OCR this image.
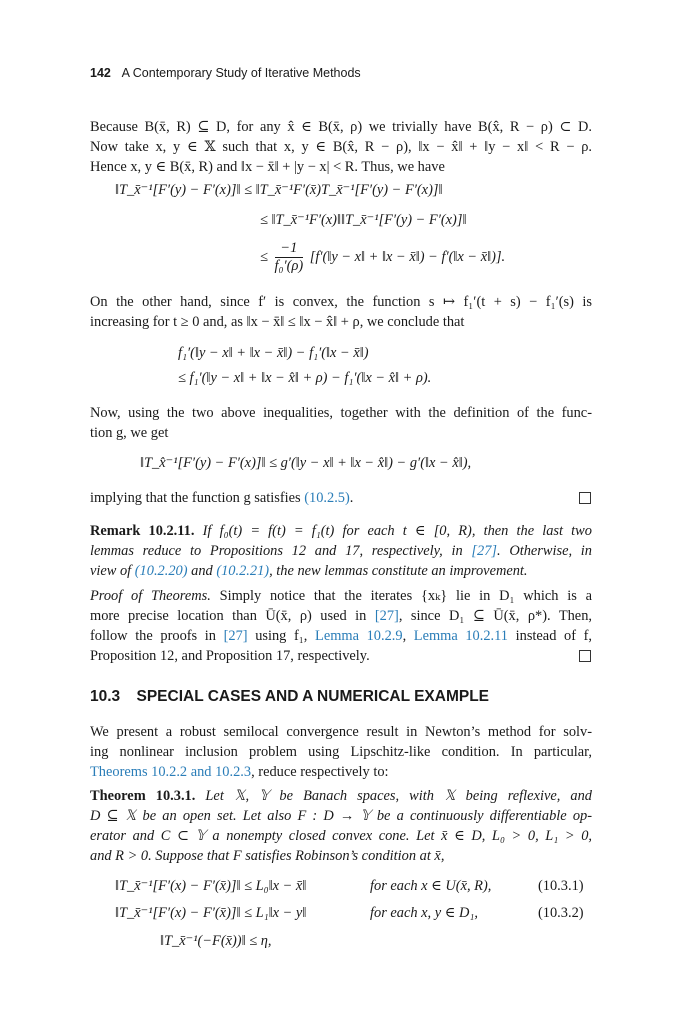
142 A Contemporary Study of Iterative Methods
Because B(x̄, R) ⊆ D, for any x̂ ∈ B(x̄, ρ) we trivially have B(x̂, R − ρ) ⊂ D.
Now take x, y ∈ 𝕏 such that x, y ∈ B(x̂, R − ρ), ‖x − x̂‖ + ‖y − x‖ < R − ρ.
Hence x, y ∈ B(x̄, R) and ‖x − x̄‖ + |y − x| < R. Thus, we have
‖T_x̄⁻¹[F′(y) − F′(x)]‖ ≤ ‖T_x̄⁻¹F′(x̄)T_x̄⁻¹[F′(y) − F′(x)]‖
≤ ‖T_x̄⁻¹F′(x)‖‖T_x̄⁻¹[F′(y) − F′(x)]‖
≤ $\frac{-1}{\text{f₀′(ρ)}}$ [f′(‖y − x‖ + ‖x − x̄‖) − f′(‖x − x̄‖)].
On the other hand, since f′ is convex, the function s ↦ f₁′(t + s) − f₁′(s) is
increasing for t ≥ 0 and, as ‖x − x̄‖ ≤ ‖x − x̂‖ + ρ, we conclude that
f₁′(‖y − x‖ + ‖x − x̄‖) − f₁′(‖x − x̄‖)
≤ f₁′(‖y − x‖ + ‖x − x̂‖ + ρ) − f₁′(‖x − x̂‖ + ρ).
Now, using the two above inequalities, together with the definition of the func-
tion g, we get
‖T_x̂⁻¹[F′(y) − F′(x)]‖ ≤ g′(‖y − x‖ + ‖x − x̂‖) − g′(‖x − x̂‖),
implying that the function g satisfies (10.2.5).
Remark 10.2.11. If f₀(t) = f(t) = f₁(t) for each t ∈ [0, R), then the last two
lemmas reduce to Propositions 12 and 17, respectively, in [27]. Otherwise, in
view of (10.2.20) and (10.2.21), the new lemmas constitute an improvement.
Proof of Theorems. Simply notice that the iterates {xₖ} lie in D₁ which is a
more precise location than Ū(x̄, ρ) used in [27], since D₁ ⊆ Ū(x̄, ρ*). Then,
follow the proofs in [27] using f₁, Lemma 10.2.9, Lemma 10.2.11 instead of f,
Proposition 12, and Proposition 17, respectively.
10.3 SPECIAL CASES AND A NUMERICAL EXAMPLE
We present a robust semilocal convergence result in Newton’s method for solv-
ing nonlinear inclusion problem using Lipschitz-like condition. In particular,
Theorems 10.2.2 and 10.2.3, reduce respectively to:
Theorem 10.3.1. Let 𝕏, 𝕐 be Banach spaces, with 𝕏 being reflexive, and
D ⊆ 𝕏 be an open set. Let also F : D → 𝕐 be a continuously differentiable op-
erator and C ⊂ 𝕐 a nonempty closed convex cone. Let x̄ ∈ D, L₀ > 0, L₁ > 0,
and R > 0. Suppose that F satisfies Robinson’s condition at x̄,
‖T_x̄⁻¹[F′(x) − F′(x̄)]‖ ≤ L₀‖x − x̄‖	for each x ∈ U(x̄, R),	(10.3.1)
‖T_x̄⁻¹[F′(x) − F′(x̄)]‖ ≤ L₁‖x − y‖	for each x, y ∈ D₁,	(10.3.2)
‖T_x̄⁻¹(−F(x̄))‖ ≤ η,
